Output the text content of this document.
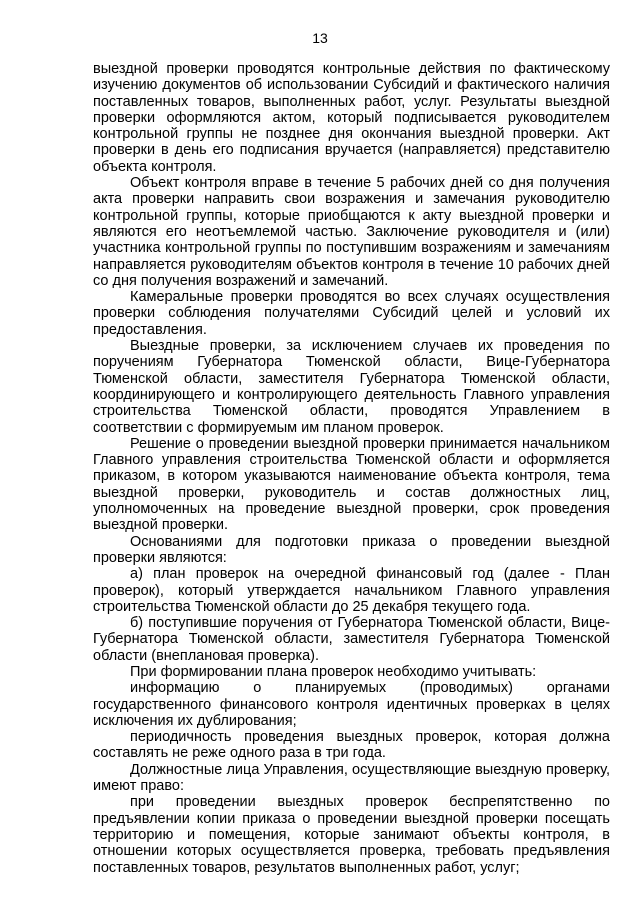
13

выездной проверки проводятся контрольные действия по фактическому изучению документов об использовании Субсидий и фактического наличия поставленных товаров, выполненных работ, услуг. Результаты выездной проверки оформляются актом, который подписывается руководителем контрольной группы не позднее дня окончания выездной проверки. Акт проверки в день его подписания вручается (направляется) представителю объекта контроля.

Объект контроля вправе в течение 5 рабочих дней со дня получения акта проверки направить свои возражения и замечания руководителю контрольной группы, которые приобщаются к акту выездной проверки и являются его неотъемлемой частью. Заключение руководителя и (или) участника контрольной группы по поступившим возражениям и замечаниям направляется руководителям объектов контроля в течение 10 рабочих дней со дня получения возражений и замечаний.

Камеральные проверки проводятся во всех случаях осуществления проверки соблюдения получателями Субсидий целей и условий их предоставления.

Выездные проверки, за исключением случаев их проведения по поручениям Губернатора Тюменской области, Вице-Губернатора Тюменской области, заместителя Губернатора Тюменской области, координирующего и контролирующего деятельность Главного управления строительства Тюменской области, проводятся Управлением в соответствии с формируемым им планом проверок.

Решение о проведении выездной проверки принимается начальником Главного управления строительства Тюменской области и оформляется приказом, в котором указываются наименование объекта контроля, тема выездной проверки, руководитель и состав должностных лиц, уполномоченных на проведение выездной проверки, срок проведения выездной проверки.

Основаниями для подготовки приказа о проведении выездной проверки являются:

а) план проверок на очередной финансовый год (далее - План проверок), который утверждается начальником Главного управления строительства Тюменской области до 25 декабря текущего года.

б) поступившие поручения от Губернатора Тюменской области, Вице-Губернатора Тюменской области, заместителя Губернатора Тюменской области (внеплановая проверка).

При формировании плана проверок необходимо учитывать:

информацию о планируемых (проводимых) органами государственного финансового контроля идентичных проверках в целях исключения их дублирования;

периодичность проведения выездных проверок, которая должна составлять не реже одного раза в три года.

Должностные лица Управления, осуществляющие выездную проверку, имеют право:

при проведении выездных проверок беспрепятственно по предъявлении копии приказа о проведении выездной проверки посещать территорию и помещения, которые занимают объекты контроля, в отношении которых осуществляется проверка, требовать предъявления поставленных товаров, результатов выполненных работ, услуг;
